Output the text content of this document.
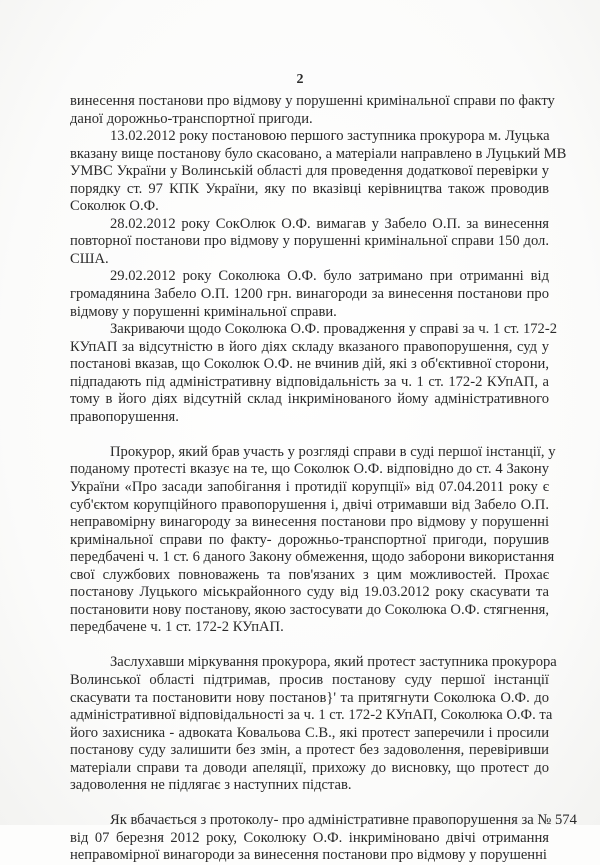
2
винесення постанови про відмову у порушенні кримінальної справи по факту
даної дорожньо-транспортної пригоди.
13.02.2012 року постановою першого заступника прокурора м. Луцька
вказану вище постанову було скасовано, а матеріали направлено в Луцький МВ
УМВС України у Волинській області для проведення додаткової перевірки у
порядку ст. 97 КПК України, яку по вказівці керівництва також проводив
Соколюк О.Ф.
28.02.2012 року СокОлюк О.Ф. вимагав у Забело О.П. за винесення
повторної постанови про відмову у порушенні кримінальної справи 150 дол.
США.
29.02.2012 року Соколюка О.Ф. було затримано при отриманні від
громадянина Забело О.П. 1200 грн. винагороди за винесення постанови про
відмову у порушенні кримінальної справи.
Закриваючи щодо Соколюка О.Ф. провадження у справі за ч. 1 ст. 172-2
КУпАП за відсутністю в його діях складу вказаного правопорушення, суд у
постанові вказав, що Соколюк О.Ф. не вчинив дій, які з об'єктивної сторони,
підпадають під адміністративну відповідальність за ч. 1 ст. 172-2 КУпАП, а
тому в його діях відсутній склад інкримінованого йому адміністративного
правопорушення.
Прокурор, який брав участь у розгляді справи в суді першої інстанції, у
поданому протесті вказує на те, що Соколюк О.Ф. відповідно до ст. 4 Закону
України «Про засади запобігання і протидії корупції» від 07.04.2011 року є
суб'єктом корупційного правопорушення і, двічі отримавши від Забело О.П.
неправомірну винагороду за винесення постанови про відмову у порушенні
кримінальної справи по факту- дорожньо-транспортної пригоди, порушив
передбачені ч. 1 ст. 6 даного Закону обмеження, щодо заборони використання
свої службових повноважень та пов'язаних з цим можливостей. Прохає
постанову Луцького міськрайонного суду від 19.03.2012 року скасувати та
постановити нову постанову, якою застосувати до Соколюка О.Ф. стягнення,
передбачене ч. 1 ст. 172-2 КУпАП.
Заслухавши міркування прокурора, який протест заступника прокурора
Волинської області підтримав, просив постанову суду першої інстанції
скасувати та постановити нову постанов}' та притягнути Соколюка О.Ф. до
адміністративної відповідальності за ч. 1 ст. 172-2 КУпАП, Соколюка О.Ф. та
його захисника - адвоката Ковальова С.В., які протест заперечили і просили
постанову суду залишити без змін, а протест без задоволення, перевіривши
матеріали справи та доводи апеляції, прихожу до висновку, що протест до
задоволення не підлягає з наступних підстав.
Як вбачається з протоколу- про адміністративне правопорушення за № 574
від 07 березня 2012 року, Соколюку О.Ф. інкриміновано двічі отримання
неправомірної винагороди за винесення постанови про відмову у порушенні
